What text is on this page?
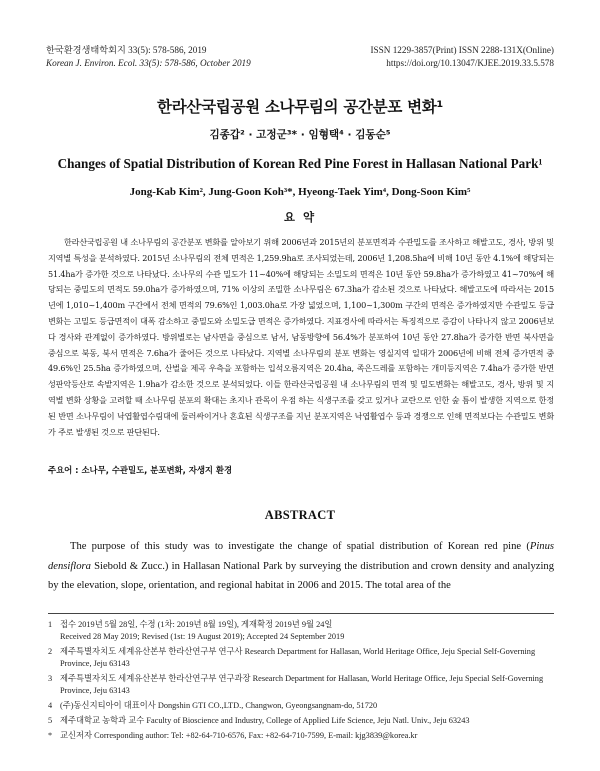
한국환경생태학회지 33(5): 578-586, 2019
Korean J. Environ. Ecol. 33(5): 578-586, October 2019
ISSN 1229-3857(Print) ISSN 2288-131X(Online)
https://doi.org/10.13047/KJEE.2019.33.5.578
한라산국립공원 소나무림의 공간분포 변화¹
김종갑² · 고정군³* · 임형택⁴ · 김동순⁵
Changes of Spatial Distribution of Korean Red Pine Forest in Hallasan National Park¹
Jong-Kab Kim², Jung-Goon Koh³*, Hyeong-Taek Yim⁴, Dong-Soon Kim⁵
요 약

한라산국립공원 내 소나무림의 공간분포 변화를 알아보기 위해 2006년과 2015년의 분포면적과 수관밀도를 조사하고 해발고도, 경사, 방위 및 지역별 특성을 분석하였다. 2015년 소나무림의 전체 면적은 1,259.9ha로 조사되었는데, 2006년 1,208.5ha에 비해 10년 동안 4.1%에 해당되는 51.4ha가 증가한 것으로 나타났다. 소나무의 수관 밀도가 11~40%에 해당되는 소밀도의 면적은 10년 동안 59.8ha가 증가하였고 41~70%에 해당되는 중밀도의 면적도 59.0ha가 증가하였으며, 71% 이상의 조밀한 소나무림은 67.3ha가 감소된 것으로 나타났다. 해발고도에 따라서는 2015년에 1,010~1,400m 구간에서 전체 면적의 79.6%인 1,003.0ha로 가장 넓었으며, 1,100~1,300m 구간의 면적은 증가하였지만 수관밀도 등급변화는 고밀도 등급면적이 대폭 감소하고 중밀도와 소밀도급 면적은 증가하였다. 지표경사에 따라서는 특징적으로 증감이 나타나지 않고 2006년보다 경사와 관계없이 증가하였다. 방위별로는 남사면을 중심으로 남서, 남동방향에 56.4%가 분포하여 10년 동안 27.8ha가 증가한 반면 북사면을 중심으로 북동, 북서 면적은 7.6ha가 줄어든 것으로 나타났다. 지역별 소나무림의 분포 변화는 영실지역 일대가 2006년에 비해 전체 증가면적 중 49.6%인 25.5ha 증가하였으며, 산벌을 제곡 우측을 포함하는 입석오름지역은 20.4ha, 족은드레를 포함하는 개미등지역은 7.4ha가 증가한 반면 성판악등산로 속밭지역은 1.9ha가 감소한 것으로 분석되었다. 이들 한라산국립공원 내 소나무림의 면적 및 밀도변화는 해발고도, 경사, 방위 및 지역별 변화 상황을 고려할 때 소나무림 분포의 확대는 초지나 관목이 우점 하는 식생구조를 갖고 있거나 교란으로 인한 숲 틈이 발생한 지역으로 한정된 반면 소나무림이 낙엽활엽수림대에 둘러싸이거나 혼효된 식생구조를 지닌 분포지역은 낙엽활엽수 등과 경쟁으로 인해 면적보다는 수관밀도 변화가 주로 발생된 것으로 판단된다.

주요어 : 소나무, 수관밀도, 분포변화, 자생지 환경
ABSTRACT

The purpose of this study was to investigate the change of spatial distribution of Korean red pine (Pinus densiflora Siebold & Zucc.) in Hallasan National Park by surveying the distribution and crown density and analyzing by the elevation, slope, orientation, and regional habitat in 2006 and 2015. The total area of the

1 접수 2019년 5월 28일, 수정 (1차: 2019년 8월 19일), 게재확정 2019년 9월 24일
Received 28 May 2019; Revised (1st: 19 August 2019); Accepted 24 September 2019
2 제주특별자치도 세계유산본부 한라산연구부 연구사 Research Department for Hallasan, World Heritage Office, Jeju Special Self-Governing Province, Jeju 63143
3 제주특별자치도 세계유산본부 한라산연구부 연구과장 Research Department for Hallasan, World Heritage Office, Jeju Special Self-Governing Province, Jeju 63143
4 (주)동신지티아이 대표이사 Dongshin GTI CO.,LTD., Changwon, Gyeongsangnam-do, 51720
5 제주대학교 농학과 교수 Faculty of Bioscience and Industry, College of Applied Life Science, Jeju Natl. Univ., Jeju 63243
* 교신저자 Corresponding author: Tel: +82-64-710-6576, Fax: +82-64-710-7599, E-mail: kjg3839@korea.kr
